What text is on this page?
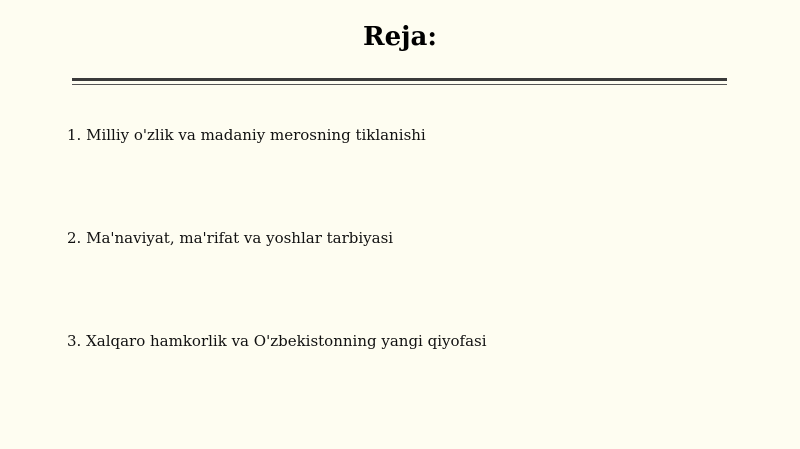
Reja:
1. Milliy o'zlik va madaniy merosning tiklanishi
2. Ma'naviyat, ma'rifat va yoshlar tarbiyasi
3. Xalqaro hamkorlik va O'zbekistonning yangi qiyofasi
